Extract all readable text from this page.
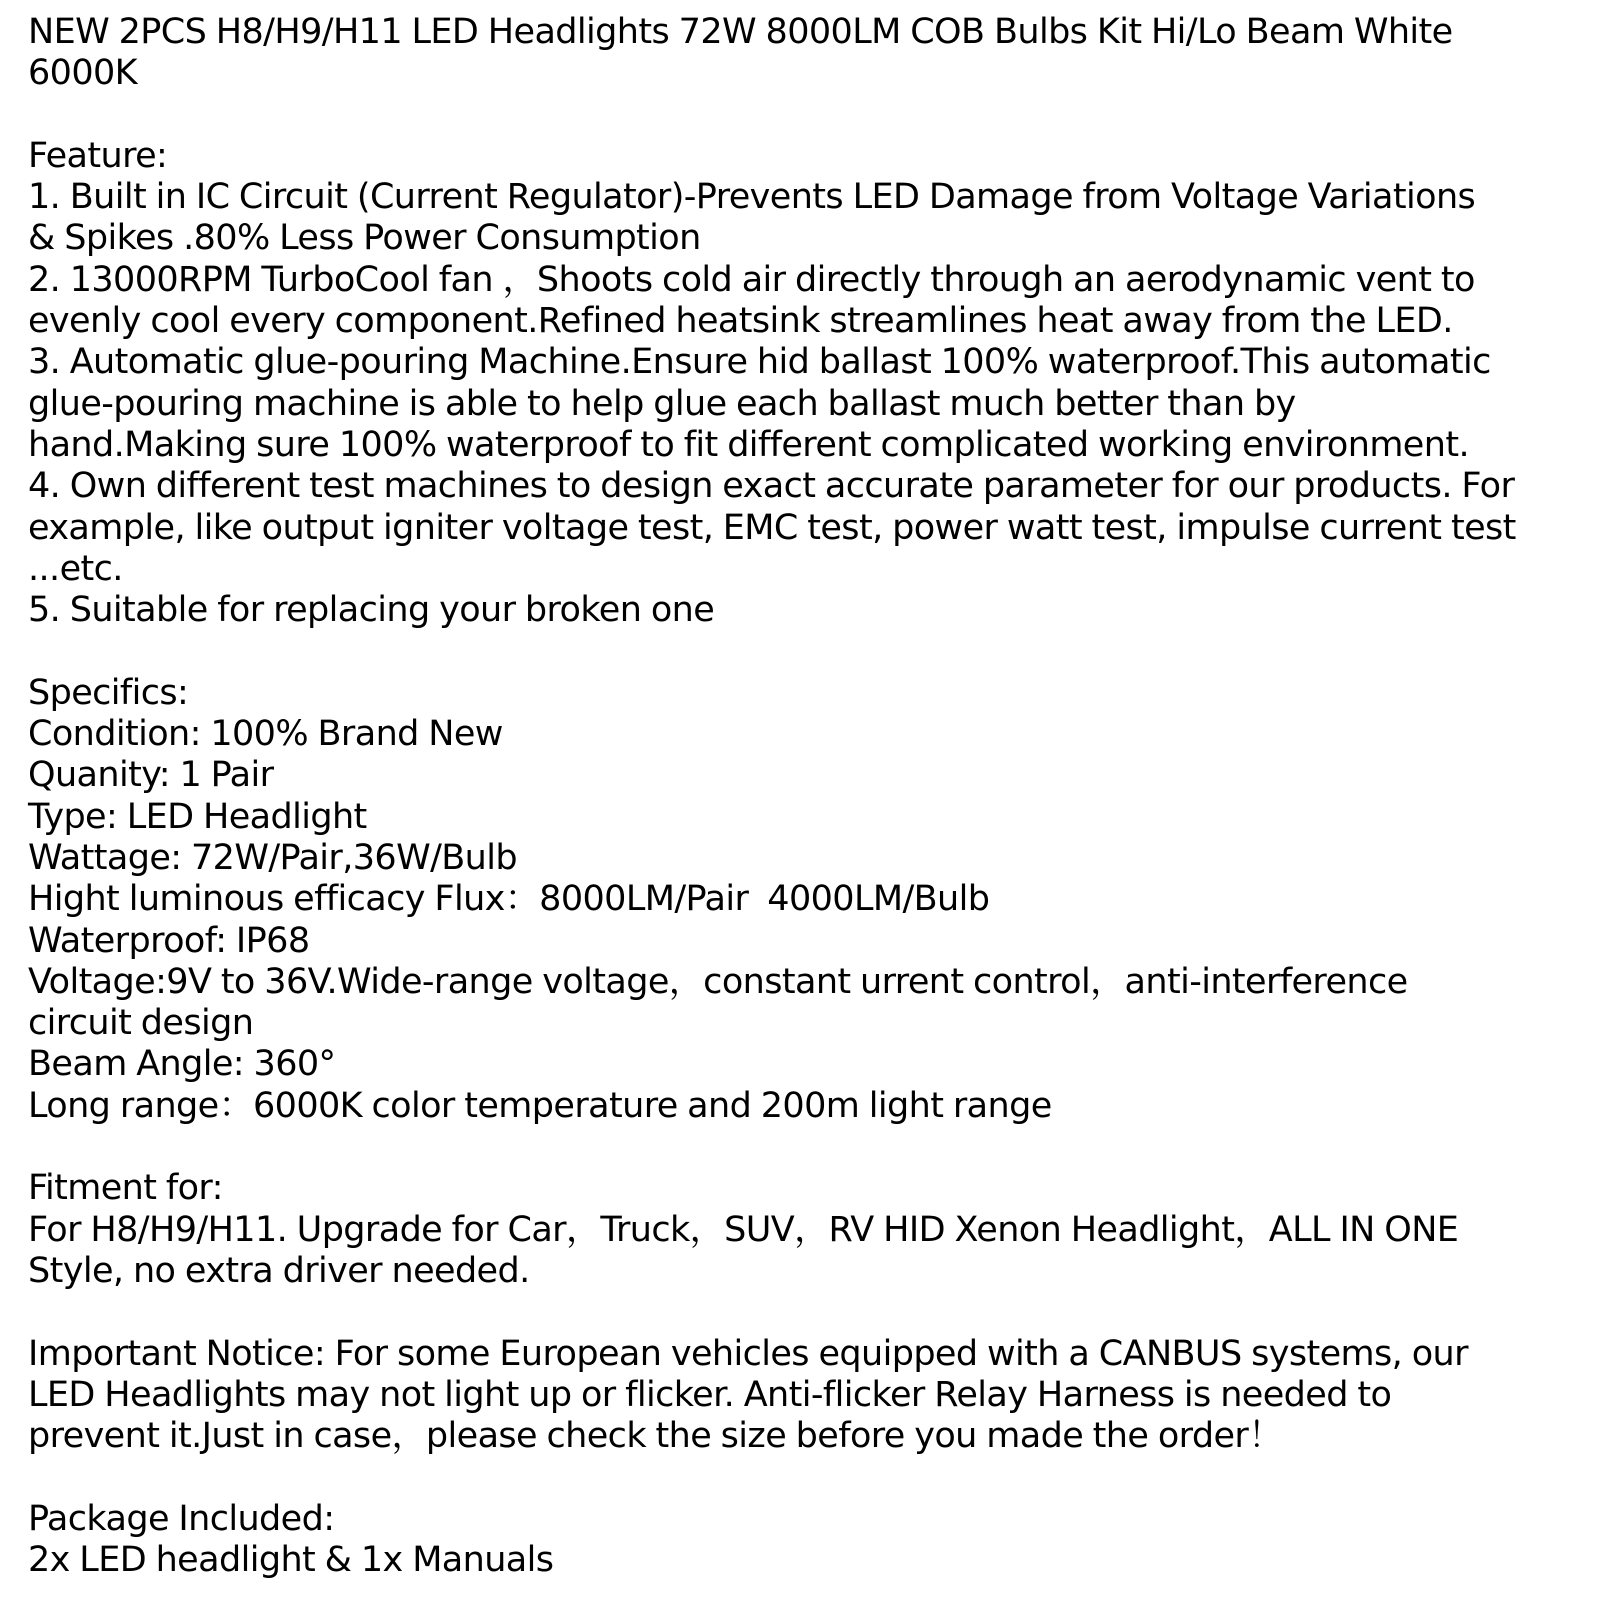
NEW 2PCS H8/H9/H11 LED Headlights 72W 8000LM COB Bulbs Kit Hi/Lo Beam White
6000K
Feature:
1. Built in IC Circuit (Current Regulator)-Prevents LED Damage from Voltage Variations
& Spikes .80% Less Power Consumption
2. 13000RPM TurboCool fan ，Shoots cold air directly through an aerodynamic vent to
evenly cool every component.Refined heatsink streamlines heat away from the LED.
3. Automatic glue-pouring Machine.Ensure hid ballast 100% waterproof.This automatic
glue-pouring machine is able to help glue each ballast much better than by
hand.Making sure 100% waterproof to fit different complicated working environment.
4. Own different test machines to design exact accurate parameter for our products. For
example, like output igniter voltage test, EMC test, power watt test, impulse current test
...etc.
5. Suitable for replacing your broken one
Specifics:
Condition: 100% Brand New
Quanity: 1 Pair
Type: LED Headlight
Wattage: 72W/Pair,36W/Bulb
Hight luminous efficacy Flux：8000LM/Pair  4000LM/Bulb
Waterproof: IP68
Voltage:9V to 36V.Wide-range voltage，constant urrent control，anti-interference
circuit design
Beam Angle: 360°
Long range：6000K color temperature and 200m light range
Fitment for:
For H8/H9/H11. Upgrade for Car，Truck，SUV，RV HID Xenon Headlight，ALL IN ONE
Style, no extra driver needed.
Important Notice: For some European vehicles equipped with a CANBUS systems, our
LED Headlights may not light up or flicker. Anti-flicker Relay Harness is needed to
prevent it.Just in case，please check the size before you made the order！
Package Included:
2x LED headlight & 1x Manuals
